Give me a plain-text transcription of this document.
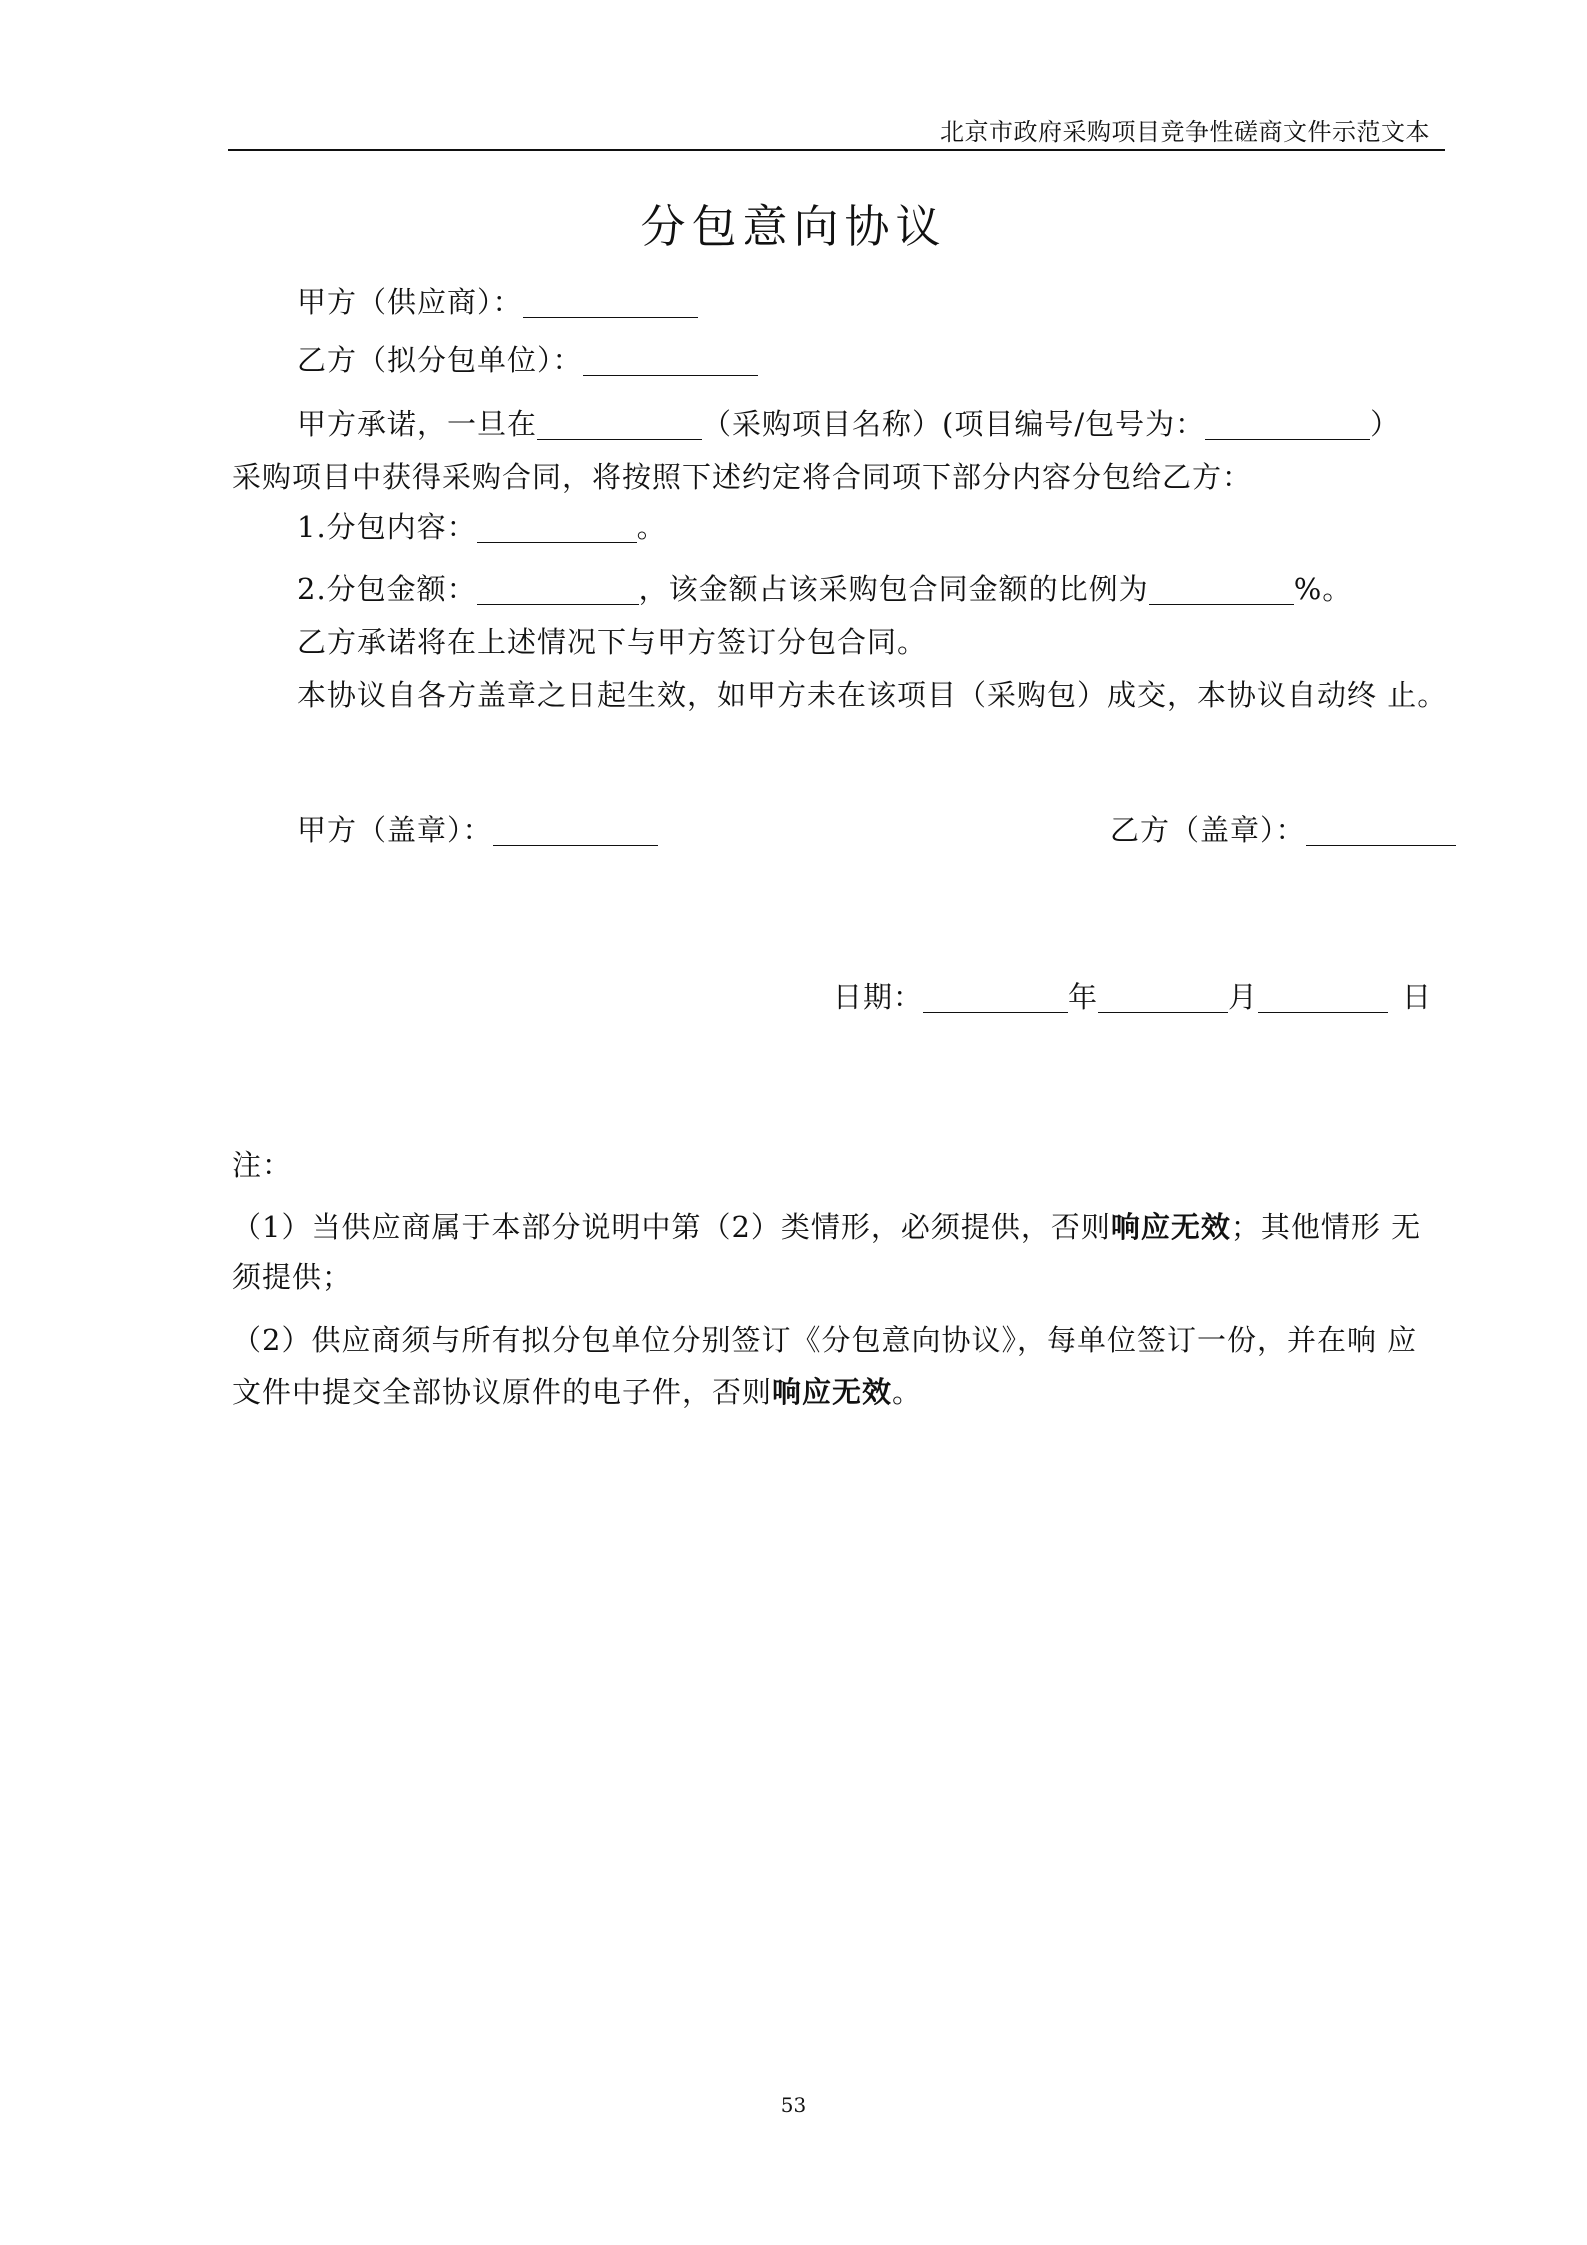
北京市政府采购项目竞争性磋商文件示范文本
分包意向协议
甲方（供应商）：
乙方（拟分包单位）：
甲方承诺，一旦在	（采购项目名称）(项目编号/包号为：	）
采购项目中获得采购合同，将按照下述约定将合同项下部分内容分包给乙方：
1.分包内容：	。
2.分包金额：	，该金额占该采购包合同金额的比例为	%。
乙方承诺将在上述情况下与甲方签订分包合同。
本协议自各方盖章之日起生效，如甲方未在该项目（采购包）成交，本协议自动终 止。
甲方（盖章）：	乙方（盖章）：
日期：	年	月	日
注：
（1）当供应商属于本部分说明中第（2）类情形，必须提供，否则响应无效；其他情形 无
须提供；
（2）供应商须与所有拟分包单位分别签订《分包意向协议》，每单位签订一份，并在响 应
文件中提交全部协议原件的电子件，否则响应无效。
53
